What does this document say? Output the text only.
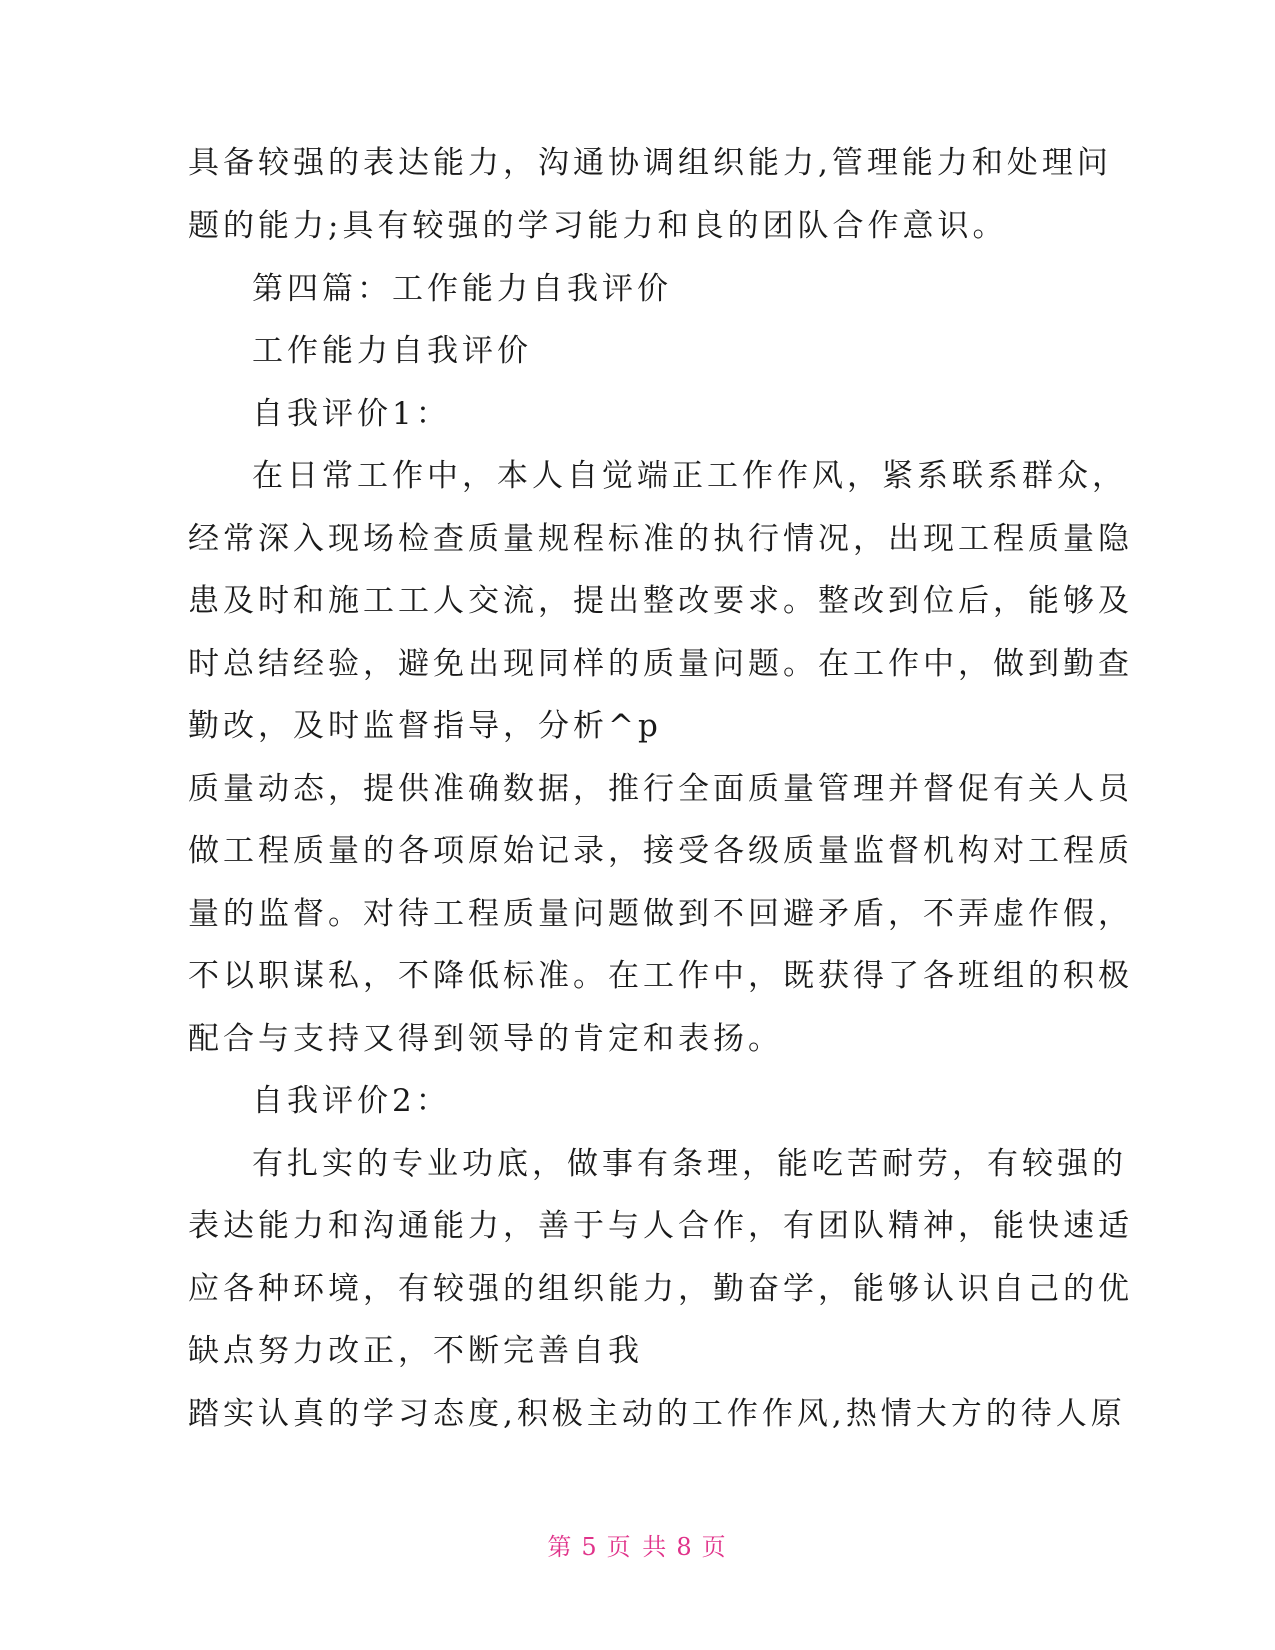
具备较强的表达能力，沟通协调组织能力,管理能力和处理问
题的能力;具有较强的学习能力和良的团队合作意识。
第四篇：工作能力自我评价
工作能力自我评价
自我评价1：
在日常工作中，本人自觉端正工作作风，紧系联系群众，
经常深入现场检查质量规程标准的执行情况，出现工程质量隐
患及时和施工工人交流，提出整改要求。整改到位后，能够及
时总结经验，避免出现同样的质量问题。在工作中，做到勤查
勤改，及时监督指导，分析^p
质量动态，提供准确数据，推行全面质量管理并督促有关人员
做工程质量的各项原始记录，接受各级质量监督机构对工程质
量的监督。对待工程质量问题做到不回避矛盾，不弄虚作假，
不以职谋私，不降低标准。在工作中，既获得了各班组的积极
配合与支持又得到领导的肯定和表扬。
自我评价2：
有扎实的专业功底，做事有条理，能吃苦耐劳，有较强的
表达能力和沟通能力，善于与人合作，有团队精神，能快速适
应各种环境，有较强的组织能力，勤奋学，能够认识自己的优
缺点努力改正，不断完善自我
踏实认真的学习态度,积极主动的工作作风,热情大方的待人原
第 5 页 共 8 页
